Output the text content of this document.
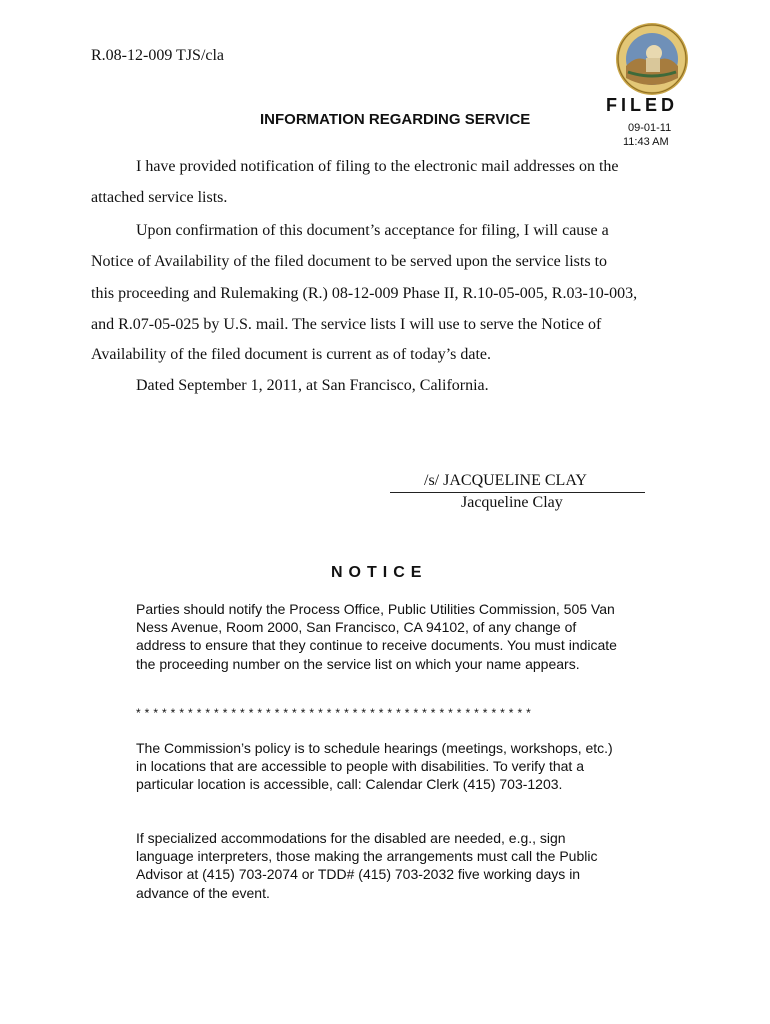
R.08-12-009 TJS/cla
FILED
09-01-11
11:43 AM
INFORMATION REGARDING SERVICE
I have provided notification of filing to the electronic mail addresses on the
attached service lists.
Upon confirmation of this document’s acceptance for filing, I will cause a
Notice of Availability of the filed document to be served upon the service lists to
this proceeding and Rulemaking (R.) 08-12-009 Phase II, R.10-05-005, R.03-10-003,
and R.07-05-025 by U.S. mail. The service lists I will use to serve the Notice of
Availability of the filed document is current as of today’s date.
Dated September 1, 2011, at San Francisco, California.
/s/ JACQUELINE CLAY
Jacqueline Clay
NOTICE
Parties should notify the Process Office, Public Utilities Commission, 505 Van Ness Avenue, Room 2000, San Francisco, CA 94102, of any change of address to ensure that they continue to receive documents. You must indicate the proceeding number on the service list on which your name appears.
**********************************************
The Commission’s policy is to schedule hearings (meetings, workshops, etc.) in locations that are accessible to people with disabilities. To verify that a particular location is accessible, call: Calendar Clerk (415) 703-1203.
If specialized accommodations for the disabled are needed, e.g., sign language interpreters, those making the arrangements must call the Public Advisor at (415) 703-2074 or TDD# (415) 703-2032 five working days in advance of the event.
